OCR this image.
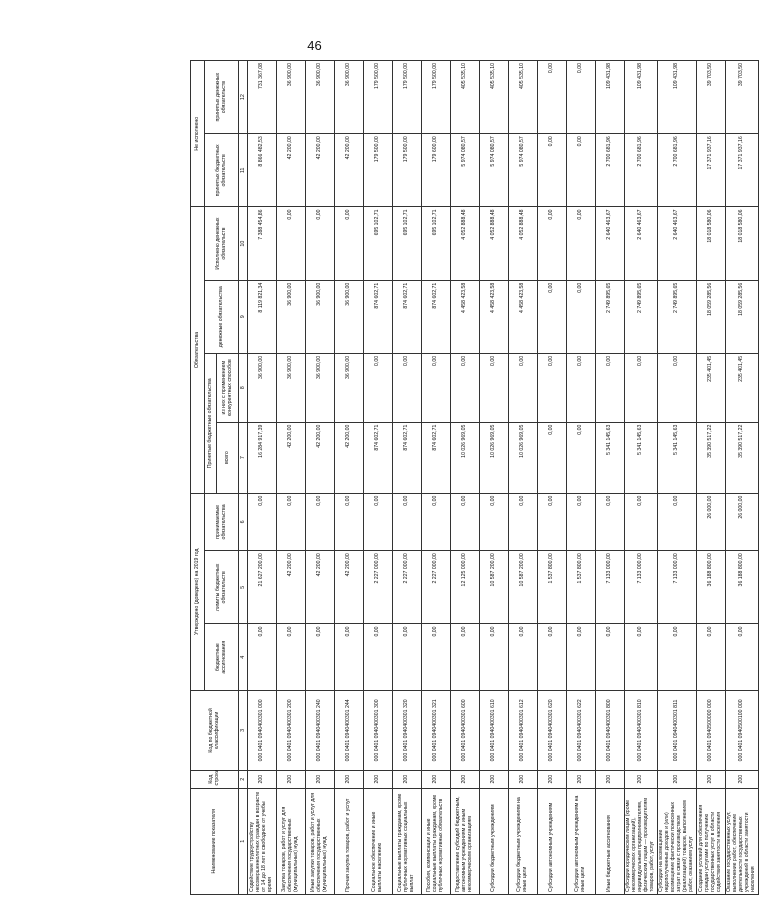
46
Наименование показателя	Код строки	Код по бюджетной классификации	Утверждено (доведено) на 2019 год			Обязательства				Не исполнено	
			бюджетные ассигнования	лимиты бюджетных обязательств	принимаемые обязательства	Принятые бюджетные обязательства		денежные обязательства	Исполнено денежных обязательств	принятых бюджетных обязательств	принятых денежных обязательств
						всего	из них с применением конкурентных способов				

1	2	3	4	5	6	7	8	9	10	11	12
Содействие трудоустройству несовершеннолетних граждан в возрасте от 14 до 18 лет в свободное от учебы время	200	000 0401 0940400301 000	0,00	21 627 200,00	0,00	16 284 917,39	36 900,00	8 119 821,34	7 388 454,86	8 866 482,53	731 367,08
Закупка товаров, работ и услуг для обеспечения государственных (муниципальных) нужд	200	000 0401 0940400301 200	0,00	42 200,00	0,00	42 200,00	36 900,00	36 900,00	0,00	42 200,00	36 900,00
Иные закупки товаров, работ и услуг для обеспечения государственных (муниципальных) нужд	200	000 0401 0940400301 240	0,00	42 200,00	0,00	42 200,00	36 900,00	36 900,00	0,00	42 200,00	36 900,00
Прочая закупка товаров, работ и услуг	200	000 0401 0940400301 244	0,00	42 200,00	0,00	42 200,00	36 900,00	36 900,00	0,00	42 200,00	36 900,00
Социальное обеспечение и иные выплаты населению	200	000 0401 0940400301 300	0,00	2 227 000,00	0,00	874 602,71	0,00	874 602,71	695 102,71	179 500,00	179 500,00
Социальные выплаты гражданам, кроме публичных нормативных социальных выплат	200	000 0401 0940400301 320	0,00	2 227 000,00	0,00	874 602,71	0,00	874 602,71	695 102,71	179 500,00	179 500,00
Пособия, компенсации и иные социальные выплаты гражданам, кроме публичных нормативных обязательств	200	000 0401 0940400301 321	0,00	2 227 000,00	0,00	874 602,71	0,00	874 602,71	695 102,71	179 600,00	179 500,00
Предоставление субсидий бюджетным, автономным учреждениям и иным некоммерческим организациям	200	000 0401 0940400301 600	0,00	12 125 000,00	0,00	10 026 969,05	0,00	4 458 423,58	4 052 888,48	5 974 080,57	405 535,10
Субсидии бюджетным учреждениям	200	000 0401 0940400301 610	0,00	10 587 200,00	0,00	10 026 969,05	0,00	4 458 423,58	4 052 888,48	5 974 080,57	405 535,10
Субсидии бюджетным учреждениям на иные цели	200	000 0401 0940400301 612	0,00	10 587 200,00	0,00	10 026 969,05	0,00	4 458 423,58	4 052 888,48	5 974 080,57	405 535,10
Субсидии автономным учреждениям	200	000 0401 0940400301 620	0,00	1 537 800,00	0,00	0,00	0,00	0,00	0,00	0,00	0,00
Субсидии автономным учреждениям на иные цели	200	000 0401 0940400301 622	0,00	1 537 800,00	0,00	0,00	0,00	0,00	0,00	0,00	0,00
Иные бюджетные ассигнования	200	000 0401 0940400301 800	0,00	7 133 000,00	0,00	5 341 145,63	0,00	2 749 895,65	2 640 463,67	2 700 681,96	109 431,98
Субсидии юридическим лицам (кроме некоммерческих организаций), индивидуальным предпринимателям, физическим лицам — производителям товаров, работ, услуг	200	000 0401 0940400301 810	0,00	7 133 000,00	0,00	5 341 145,63	0,00	2 749 895,65	2 640 463,67	2 700 681,96	109 431,98
Субсидии на возмещение недополученных доходов и (или) возмещение фактически понесенных затрат в связи с производством (реализацией) товаров, выполнением работ, оказанием услуг	200	000 0401 0940400301 811	0,00	7 133 000,00	0,00	5 341 145,63	0,00	2 749 895,65	2 640 463,67	2 700 681,96	109 431,98
Создание условий для обеспечения граждан услугами по получению государственных услуг в области содействия занятости населения	200	000 0401 0940500000 000	0,00	36 188 800,00	26 000,00	35 390 517,22	235 401,45	18 059 285,56	18 018 580,06	17 371 937,16	39 703,50
Оказание государственных услуг, выполнение работ, обеспечение деятельности государственных учреждений в области занятости населения	200	000 0401 0940500100 000	0,00	36 188 800,00	26 000,00	35 390 517,22	235 401,45	18 059 285,56	18 018 580,06	17 371 937,16	39 703,50
